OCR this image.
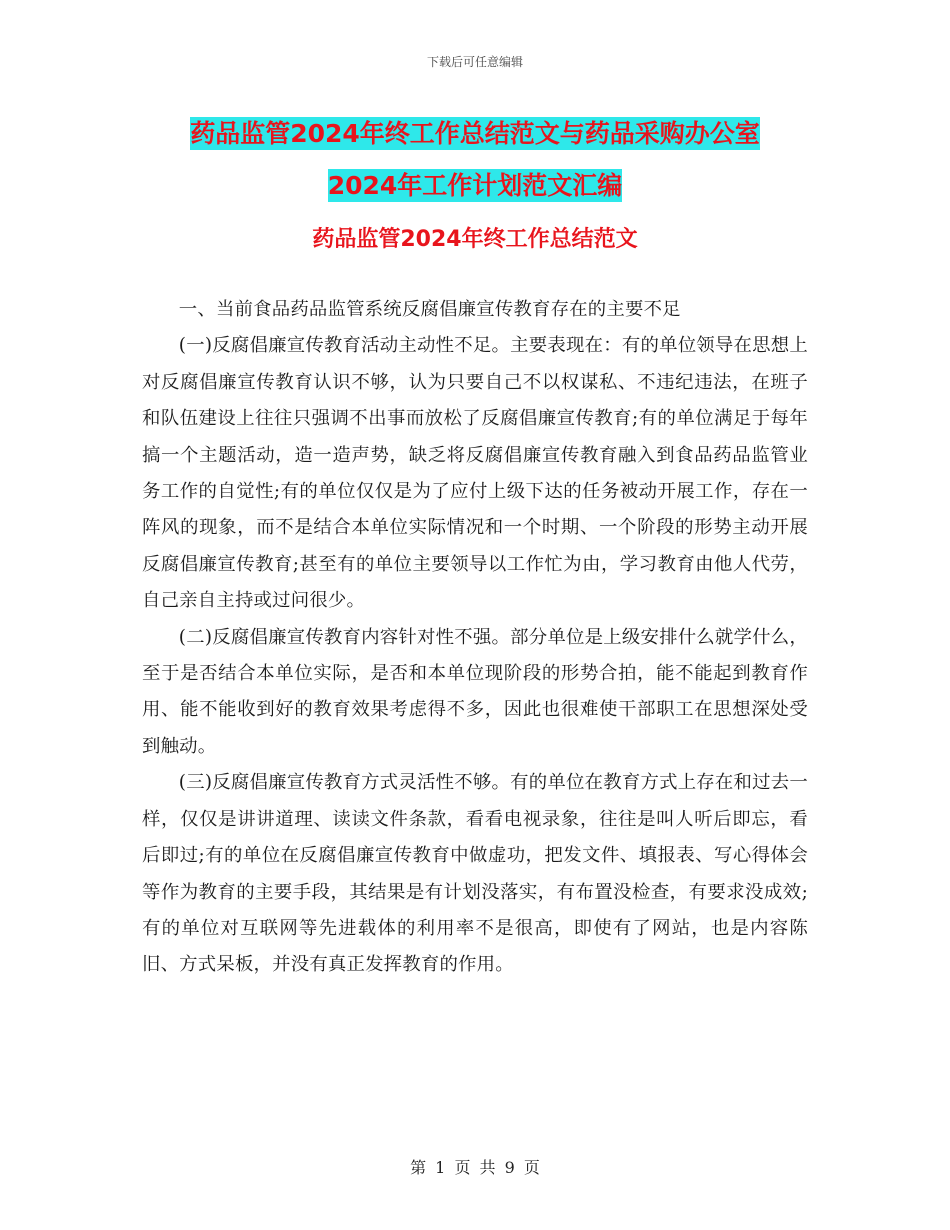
下载后可任意编辑
药品监管2024年终工作总结范文与药品采购办公室
2024年工作计划范文汇编
药品监管2024年终工作总结范文

一、当前食品药品监管系统反腐倡廉宣传教育存在的主要不足

(一)反腐倡廉宣传教育活动主动性不足。主要表现在：有的单位领导在思想上对反腐倡廉宣传教育认识不够，认为只要自己不以权谋私、不违纪违法，在班子和队伍建设上往往只强调不出事而放松了反腐倡廉宣传教育;有的单位满足于每年搞一个主题活动，造一造声势，缺乏将反腐倡廉宣传教育融入到食品药品监管业务工作的自觉性;有的单位仅仅是为了应付上级下达的任务被动开展工作，存在一阵风的现象，而不是结合本单位实际情况和一个时期、一个阶段的形势主动开展反腐倡廉宣传教育;甚至有的单位主要领导以工作忙为由，学习教育由他人代劳，自己亲自主持或过问很少。

(二)反腐倡廉宣传教育内容针对性不强。部分单位是上级安排什么就学什么，至于是否结合本单位实际，是否和本单位现阶段的形势合拍，能不能起到教育作用、能不能收到好的教育效果考虑得不多，因此也很难使干部职工在思想深处受到触动。

(三)反腐倡廉宣传教育方式灵活性不够。有的单位在教育方式上存在和过去一样，仅仅是讲讲道理、读读文件条款，看看电视录象，往往是叫人听后即忘，看后即过;有的单位在反腐倡廉宣传教育中做虚功，把发文件、填报表、写心得体会等作为教育的主要手段，其结果是有计划没落实，有布置没检查，有要求没成效;有的单位对互联网等先进载体的利用率不是很高，即使有了网站，也是内容陈旧、方式呆板，并没有真正发挥教育的作用。

第 1 页 共 9 页
